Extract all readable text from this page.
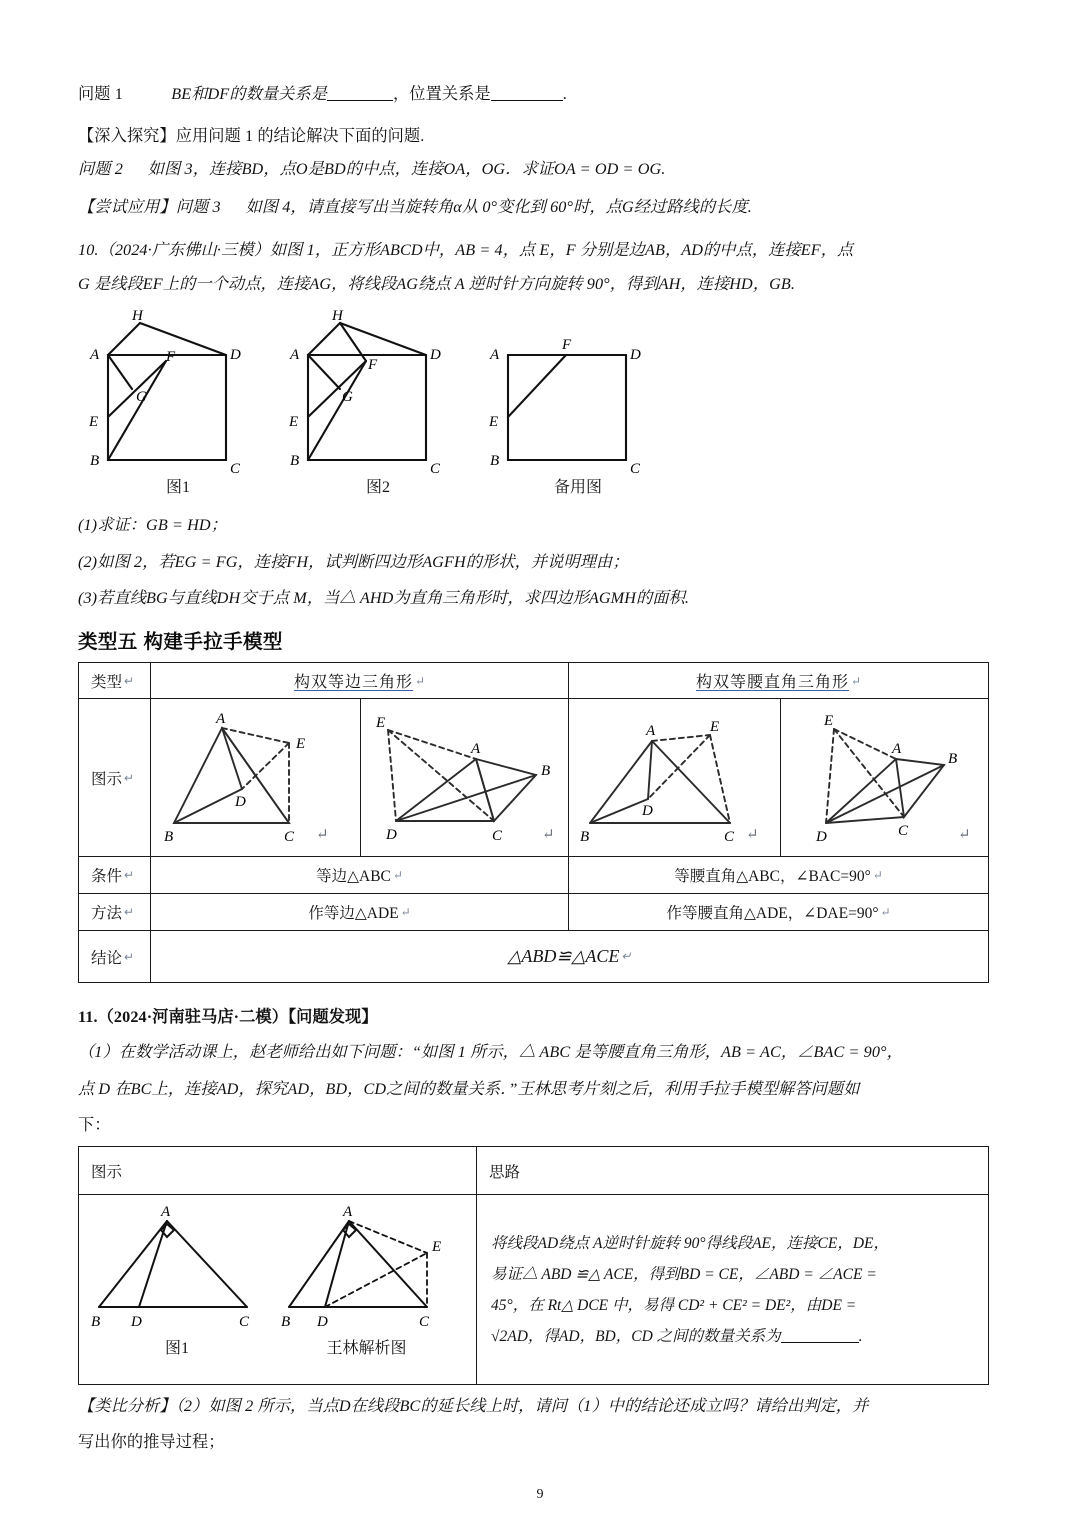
问题 1	BE和DF的数量关系是	，位置关系是	.
【深入探究】应用问题 1 的结论解决下面的问题.
问题 2      如图 3，连接BD，点O是BD的中点，连接OA，OG．求证OA = OD = OG.
【尝试应用】问题 3      如图 4，请直接写出当旋转角α从 0°变化到 60°时，点G经过路线的长度.
10.（2024·广东佛山·三模）如图 1，正方形ABCD中，AB = 4，点 E，F 分别是边AB，AD的中点，连接EF，点
G 是线段EF上的一个动点，连接AG，将线段AG绕点 A 逆时针方向旋转 90°，得到AH，连接HD，GB.
A
B	C
D
E
F
G
H
图1
A
B	C
D
E
F
G
H
图2
A
B	C
D
E
F
备用图
(1)求证：GB = HD；
(2)如图 2，若EG = FG，连接FH，试判断四边形AGFH的形状，并说明理由；
(3)若直线BG与直线DH交于点 M，当△ AHD为直角三角形时，求四边形AGMH的面积.
类型五 构建手拉手模型
类型 ↵	构双等边三角形 ↵		构双等腰直角三角形 ↵	
图示 ↵	
A
B	C
D
E
↵

E
A
B
D	C	↵

A
B	C
D
E
↵

E
A
B
D	C	↵

条件 ↵	等边△ABC ↵		等腰直角△ABC，∠BAC=90° ↵	
方法 ↵	作等边△ADE ↵		作等腰直角△ADE，∠DAE=90° ↵	
结论 ↵	△ABD≌△ACE ↵			
11.（2024·河南驻马店·二模）【问题发现】
（1）在数学活动课上，赵老师给出如下问题：“如图 1 所示，△ ABC 是等腰直角三角形，AB = AC，∠BAC = 90°，
点 D 在BC上，连接AD，探究AD，BD，CD之间的数量关系．”王林思考片刻之后，利用手拉手模型解答问题如
下：
图示	思路

A
B D	C
图1
A
B D	C
E
王林解析图

将线段AD绕点 A逆时针旋转 90°得线段AE，连接CE，DE，
易证△ ABD ≌△ ACE，得到BD = CE，∠ABD = ∠ACE =
45°，在 Rt△ DCE 中，易得 CD² + CE² = DE²，由DE =
√2AD，得AD，BD，CD 之间的数量关系为	.
【类比分析】（2）如图 2 所示，当点D在线段BC的延长线上时，请问（1）中的结论还成立吗？请给出判定，并
写出你的推导过程；
9
